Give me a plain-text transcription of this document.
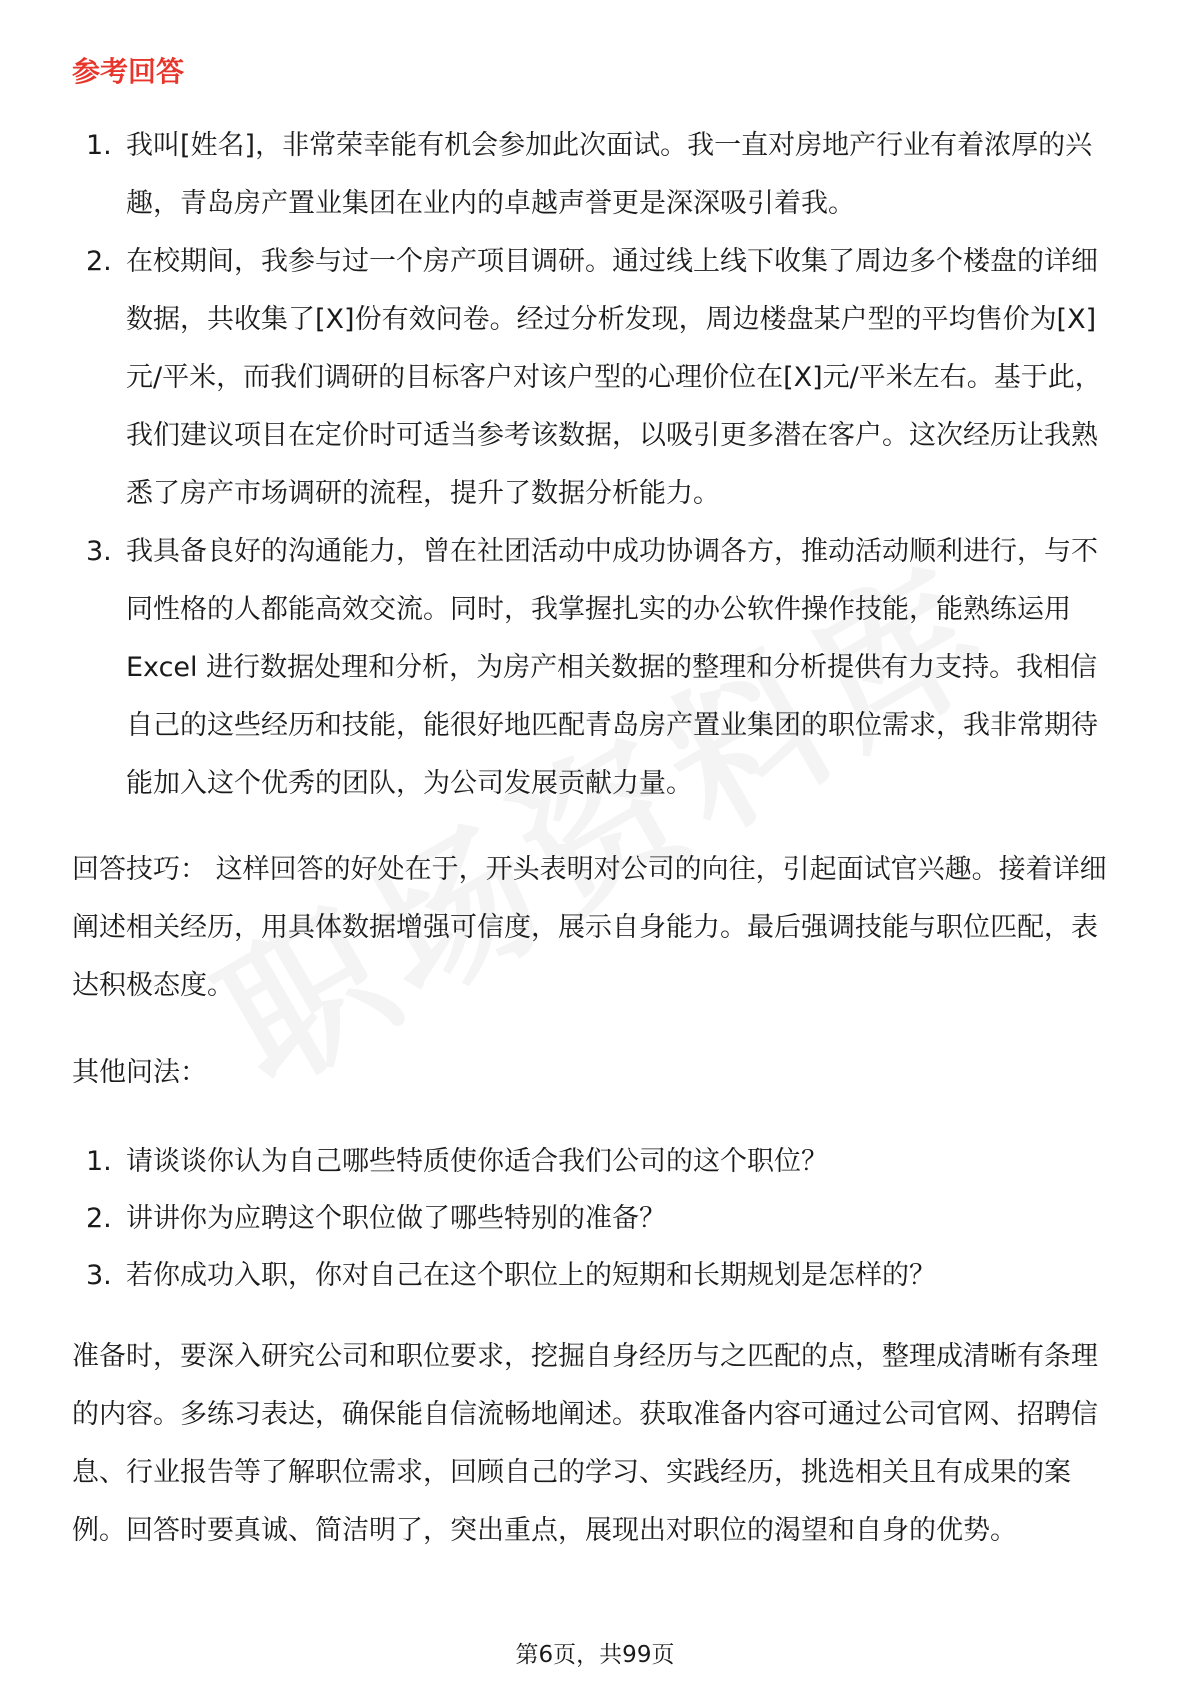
参考回答
1. 我叫[姓名]，非常荣幸能有机会参加此次面试。我一直对房地产行业有着浓厚的兴趣，青岛房产置业集团在业内的卓越声誉更是深深吸引着我。
2. 在校期间，我参与过一个房产项目调研。通过线上线下收集了周边多个楼盘的详细数据，共收集了[X]份有效问卷。经过分析发现，周边楼盘某户型的平均售价为[X]元/平米，而我们调研的目标客户对该户型的心理价位在[X]元/平米左右。基于此，我们建议项目在定价时可适当参考该数据，以吸引更多潜在客户。这次经历让我熟悉了房产市场调研的流程，提升了数据分析能力。
3. 我具备良好的沟通能力，曾在社团活动中成功协调各方，推动活动顺利进行，与不同性格的人都能高效交流。同时，我掌握扎实的办公软件操作技能，能熟练运用 Excel 进行数据处理和分析，为房产相关数据的整理和分析提供有力支持。我相信自己的这些经历和技能，能很好地匹配青岛房产置业集团的职位需求，我非常期待能加入这个优秀的团队，为公司发展贡献力量。

回答技巧： 这样回答的好处在于，开头表明对公司的向往，引起面试官兴趣。接着详细阐述相关经历，用具体数据增强可信度，展示自身能力。最后强调技能与职位匹配，表达积极态度。

其他问法：

1. 请谈谈你认为自己哪些特质使你适合我们公司的这个职位？
2. 讲讲你为应聘这个职位做了哪些特别的准备？
3. 若你成功入职，你对自己在这个职位上的短期和长期规划是怎样的？

准备时，要深入研究公司和职位要求，挖掘自身经历与之匹配的点，整理成清晰有条理的内容。多练习表达，确保能自信流畅地阐述。获取准备内容可通过公司官网、招聘信息、行业报告等了解职位需求，回顾自己的学习、实践经历，挑选相关且有成果的案例。回答时要真诚、简洁明了，突出重点，展现出对职位的渴望和自身的优势。

第6页，共99页
